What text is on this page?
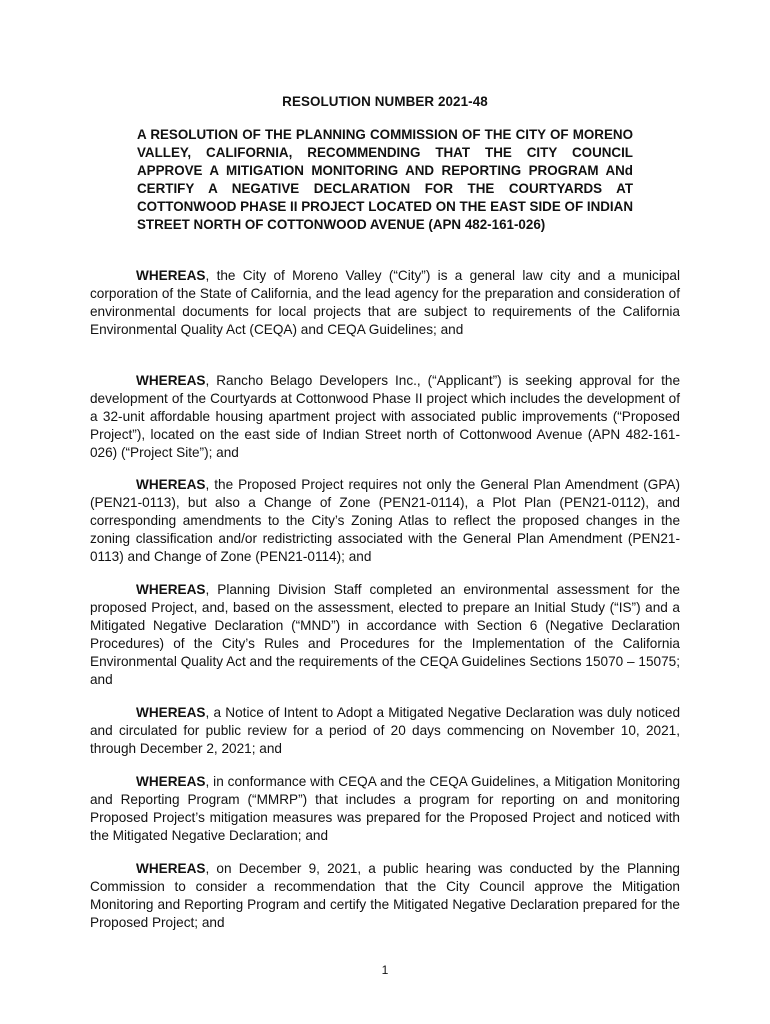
RESOLUTION NUMBER 2021-48

A RESOLUTION OF THE PLANNING COMMISSION OF THE CITY OF MORENO VALLEY, CALIFORNIA, RECOMMENDING THAT THE CITY COUNCIL APPROVE A MITIGATION MONITORING AND REPORTING PROGRAM ANd CERTIFY A NEGATIVE DECLARATION FOR THE COURTYARDS AT COTTONWOOD PHASE II PROJECT LOCATED ON THE EAST SIDE OF INDIAN STREET NORTH OF COTTONWOOD AVENUE (APN 482-161-026)

WHEREAS, the City of Moreno Valley (“City”) is a general law city and a municipal corporation of the State of California, and the lead agency for the preparation and consideration of environmental documents for local projects that are subject to requirements of the California Environmental Quality Act (CEQA) and CEQA Guidelines; and

WHEREAS, Rancho Belago Developers Inc., (“Applicant”) is seeking approval for the development of the Courtyards at Cottonwood Phase II project which includes the development of a 32-unit affordable housing apartment project with associated public improvements (“Proposed Project”), located on the east side of Indian Street north of Cottonwood Avenue (APN 482-161-026) (“Project Site”); and

WHEREAS, the Proposed Project requires not only the General Plan Amendment (GPA) (PEN21-0113), but also a Change of Zone (PEN21-0114), a Plot Plan (PEN21-0112), and corresponding amendments to the City’s Zoning Atlas to reflect the proposed changes in the zoning classification and/or redistricting associated with the General Plan Amendment (PEN21-0113) and Change of Zone (PEN21-0114); and

WHEREAS, Planning Division Staff completed an environmental assessment for the proposed Project, and, based on the assessment, elected to prepare an Initial Study (“IS”) and a Mitigated Negative Declaration (“MND”) in accordance with Section 6 (Negative Declaration Procedures) of the City’s Rules and Procedures for the Implementation of the California Environmental Quality Act and the requirements of the CEQA Guidelines Sections 15070 – 15075; and

WHEREAS, a Notice of Intent to Adopt a Mitigated Negative Declaration was duly noticed and circulated for public review for a period of 20 days commencing on November 10, 2021, through December 2, 2021; and

WHEREAS, in conformance with CEQA and the CEQA Guidelines, a Mitigation Monitoring and Reporting Program (“MMRP”) that includes a program for reporting on and monitoring Proposed Project’s mitigation measures was prepared for the Proposed Project and noticed with the Mitigated Negative Declaration; and

WHEREAS, on December 9, 2021, a public hearing was conducted by the Planning Commission to consider a recommendation that the City Council approve the Mitigation Monitoring and Reporting Program and certify the Mitigated Negative Declaration prepared for the Proposed Project; and

1
